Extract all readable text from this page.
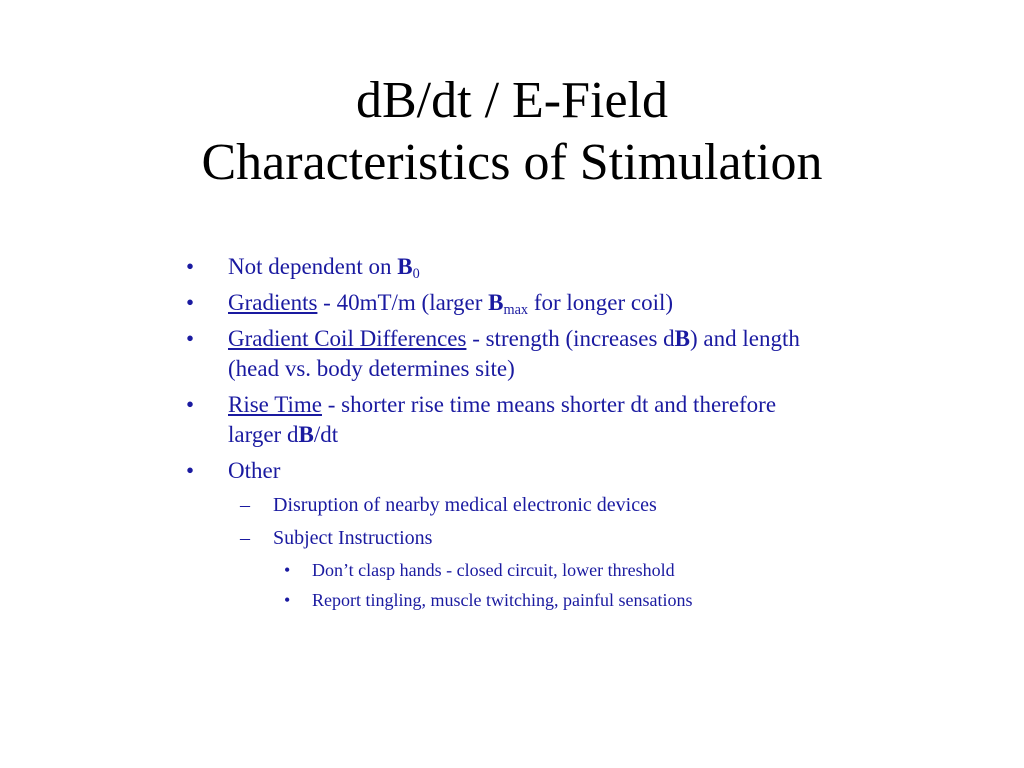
dB/dt / E-Field
Characteristics of Stimulation
• Not dependent on $B_0$
• Gradients - 40mT/m (larger $B_{max}$ for longer coil)
• Gradient Coil Differences - strength (increases dB) and length (head vs. body determines site)
• Rise Time - shorter rise time means shorter dt and therefore larger dB/dt
• Other
– Disruption of nearby medical electronic devices
– Subject Instructions
• Don’t clasp hands - closed circuit, lower threshold
• Report tingling, muscle twitching, painful sensations
